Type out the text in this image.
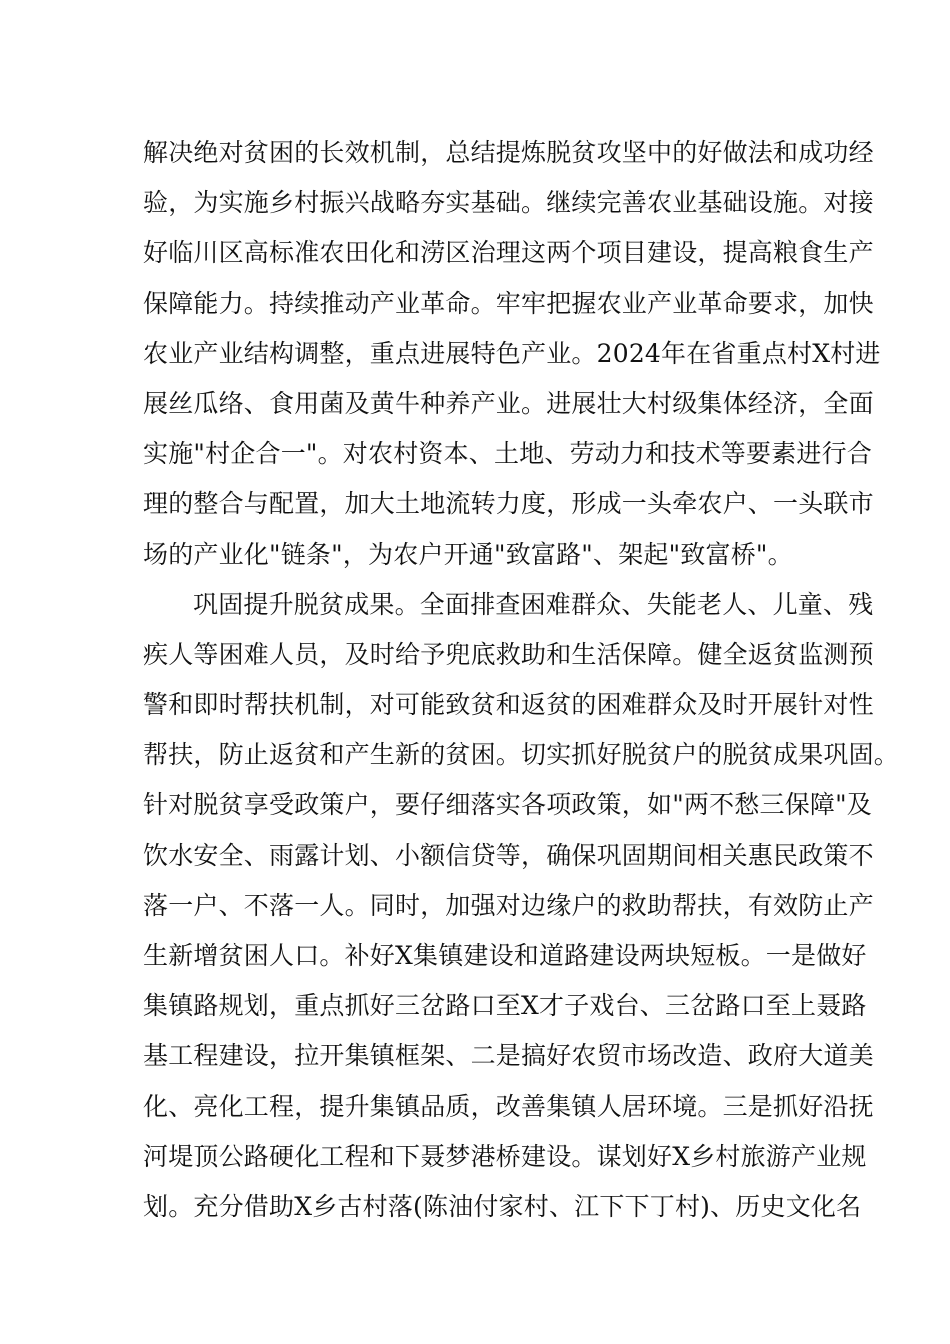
解决绝对贫困的长效机制，总结提炼脱贫攻坚中的好做法和成功经
验，为实施乡村振兴战略夯实基础。继续完善农业基础设施。对接
好临川区高标准农田化和涝区治理这两个项目建设，提高粮食生产
保障能力。持续推动产业革命。牢牢把握农业产业革命要求，加快
农业产业结构调整，重点进展特色产业。2024年在省重点村X村进
展丝瓜络、食用菌及黄牛种养产业。进展壮大村级集体经济，全面
实施"村企合一"。对农村资本、土地、劳动力和技术等要素进行合
理的整合与配置，加大土地流转力度，形成一头牵农户、一头联市
场的产业化"链条"，为农户开通"致富路"、架起"致富桥"。
巩固提升脱贫成果。全面排查困难群众、失能老人、儿童、残
疾人等困难人员，及时给予兜底救助和生活保障。健全返贫监测预
警和即时帮扶机制，对可能致贫和返贫的困难群众及时开展针对性
帮扶，防止返贫和产生新的贫困。切实抓好脱贫户的脱贫成果巩固。
针对脱贫享受政策户，要仔细落实各项政策，如"两不愁三保障"及
饮水安全、雨露计划、小额信贷等，确保巩固期间相关惠民政策不
落一户、不落一人。同时，加强对边缘户的救助帮扶，有效防止产
生新增贫困人口。补好X集镇建设和道路建设两块短板。一是做好
集镇路规划，重点抓好三岔路口至X才子戏台、三岔路口至上聂路
基工程建设，拉开集镇框架、二是搞好农贸市场改造、政府大道美
化、亮化工程，提升集镇品质，改善集镇人居环境。三是抓好沿抚
河堤顶公路硬化工程和下聂梦港桥建设。谋划好X乡村旅游产业规
划。充分借助X乡古村落(陈油付家村、江下下丁村)、历史文化名
